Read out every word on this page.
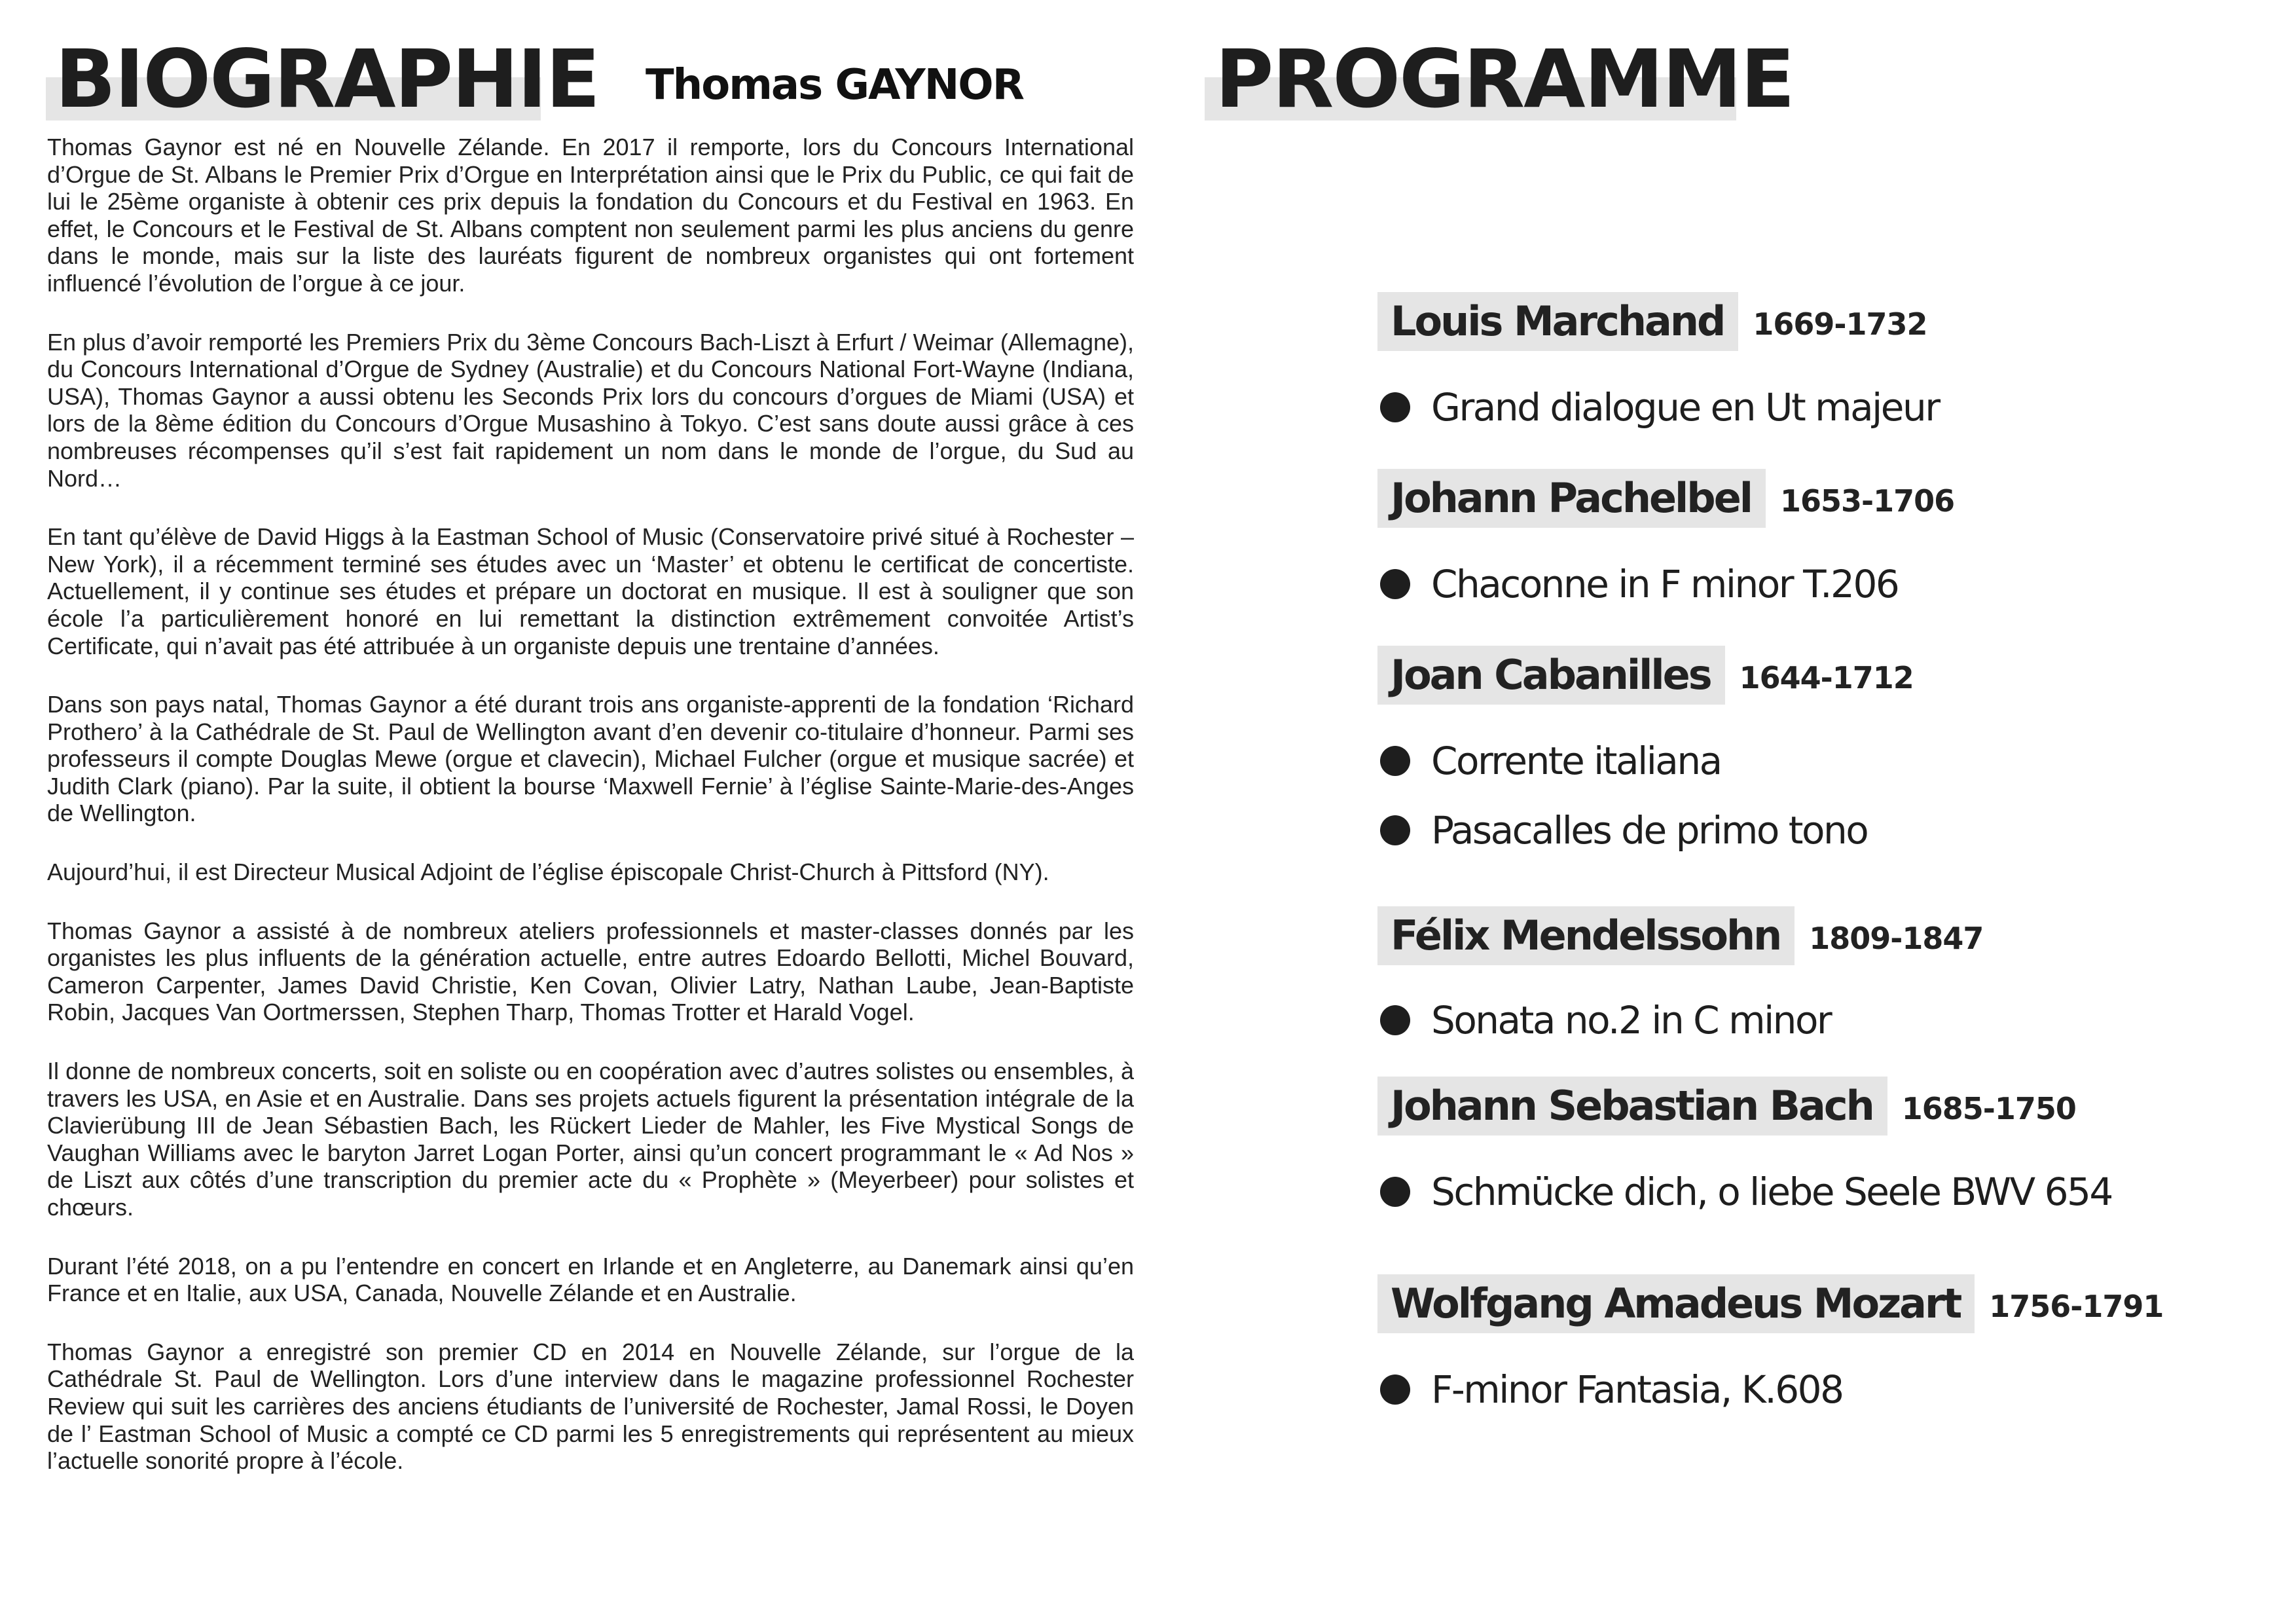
BIOGRAPHIE Thomas GAYNOR

Thomas Gaynor est né en Nouvelle Zélande. En 2017 il remporte, lors du Concours International d’Orgue de St. Albans le Premier Prix d’Orgue en Interprétation ainsi que le Prix du Public, ce qui fait de lui le 25ème organiste à obtenir ces prix depuis la fondation du Concours et du Festival en 1963. En effet, le Concours et le Festival de St. Albans comptent non seulement parmi les plus anciens du genre dans le monde, mais sur la liste des lauréats figurent de nombreux organistes qui ont fortement influencé l’évolution de l’orgue à ce jour.

En plus d’avoir remporté les Premiers Prix du 3ème Concours Bach-Liszt à Erfurt / Weimar (Allemagne), du Concours International d’Orgue de Sydney (Australie) et du Concours National Fort-Wayne (Indiana, USA), Thomas Gaynor a aussi obtenu les Seconds Prix lors du concours d’orgues de Miami (USA) et lors de la 8ème édition du Concours d’Orgue Musashino à Tokyo. C’est sans doute aussi grâce à ces nombreuses récompenses qu’il s’est fait rapidement un nom dans le monde de l’orgue, du Sud au Nord…

En tant qu’élève de David Higgs à la Eastman School of Music (Conservatoire privé situé à Rochester – New York), il a récemment terminé ses études avec un ‘Master’ et obtenu le certificat de concertiste. Actuellement, il y continue ses études et prépare un doctorat en musique. Il est à souligner que son école l’a particulièrement honoré en lui remettant la distinction extrêmement convoitée Artist’s Certificate, qui n’avait pas été attribuée à un organiste depuis une trentaine d’années.

Dans son pays natal, Thomas Gaynor a été durant trois ans organiste-apprenti de la fondation ‘Richard Prothero’ à la Cathédrale de St. Paul de Wellington avant d’en devenir co-titulaire d’honneur. Parmi ses professeurs il compte Douglas Mewe (orgue et clavecin), Michael Fulcher (orgue et musique sacrée) et Judith Clark (piano). Par la suite, il obtient la bourse ‘Maxwell Fernie’ à l’église Sainte-Marie-des-Anges de Wellington.

Aujourd’hui, il est Directeur Musical Adjoint de l’église épiscopale Christ-Church à Pittsford (NY).

Thomas Gaynor a assisté à de nombreux ateliers professionnels et master-classes donnés par les organistes les plus influents de la génération actuelle, entre autres Edoardo Bellotti, Michel Bouvard, Cameron Carpenter, James David Christie, Ken Covan, Olivier Latry, Nathan Laube, Jean-Baptiste Robin, Jacques Van Oortmerssen, Stephen Tharp, Thomas Trotter et Harald Vogel.

Il donne de nombreux concerts, soit en soliste ou en coopération avec d’autres solistes ou ensembles, à travers les USA, en Asie et en Australie. Dans ses projets actuels figurent la présentation intégrale de la Clavierübung III de Jean Sébastien Bach, les Rückert Lieder de Mahler, les Five Mystical Songs de Vaughan Williams avec le baryton Jarret Logan Porter, ainsi qu’un concert programmant le « Ad Nos » de Liszt aux côtés d’une transcription du premier acte du « Prophète » (Meyerbeer) pour solistes et chœurs.

Durant l’été 2018, on a pu l’entendre en concert en Irlande et en Angleterre, au Danemark ainsi qu’en France et en Italie, aux USA, Canada, Nouvelle Zélande et en Australie.

Thomas Gaynor a enregistré son premier CD en 2014 en Nouvelle Zélande, sur l’orgue de la Cathédrale St. Paul de Wellington. Lors d’une interview dans le magazine professionnel Rochester Review qui suit les carrières des anciens étudiants de l’université de Rochester, Jamal Rossi, le Doyen de l’ Eastman School of Music a compté ce CD parmi les 5 enregistrements qui représentent au mieux l’actuelle sonorité propre à l’école.

PROGRAMME
Louis Marchand 1669-1732
Grand dialogue en Ut majeur
Johann Pachelbel 1653-1706
Chaconne in F minor T.206
Joan Cabanilles 1644-1712
Corrente italiana
Pasacalles de primo tono
Félix Mendelssohn 1809-1847
Sonata no.2 in C minor
Johann Sebastian Bach 1685-1750
Schmücke dich, o liebe Seele BWV 654
Wolfgang Amadeus Mozart 1756-1791
F-minor Fantasia, K.608
